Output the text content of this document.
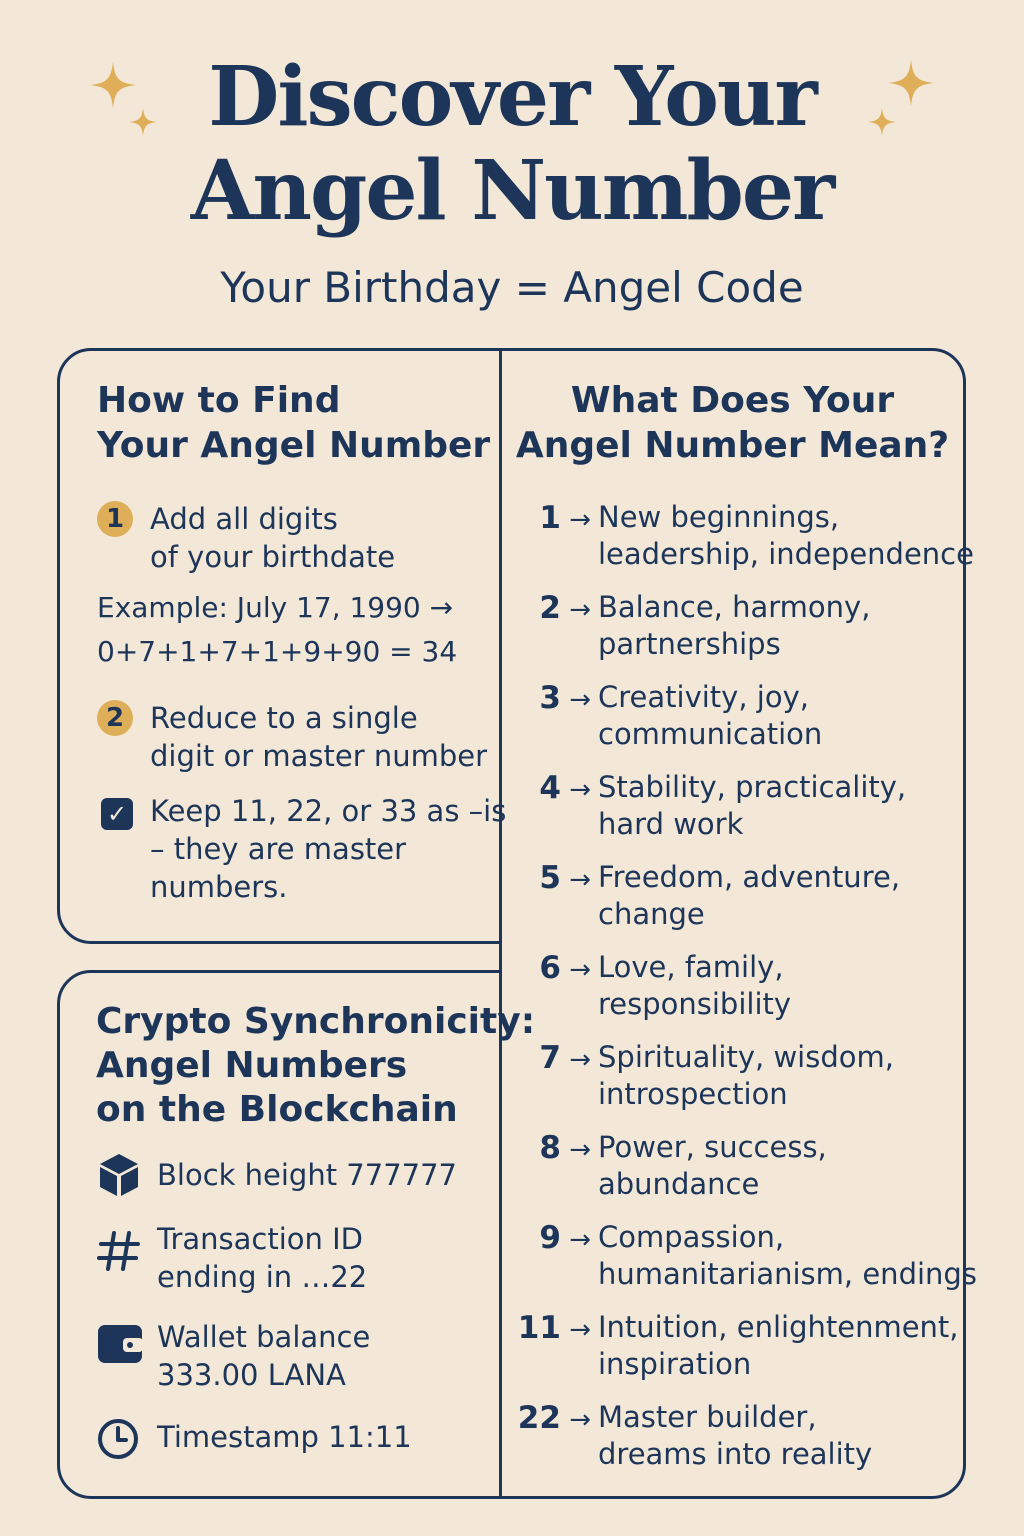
Discover Your
Angel Number
Your Birthday = Angel Code
How to Find
Your Angel Number
1 Add all digits
of your birthdate
Example: July 17, 1990 →
0+7+1+7+1+9+90 = 34
2 Reduce to a single
digit or master number
✓ Keep 11, 22, or 33 as –is
– they are master
numbers.
Crypto Synchronicity:
Angel Numbers
on the Blockchain
Block height 777777
Transaction ID
ending in …22
Wallet balance
333.00 LANA
Timestamp 11:11
What Does Your
Angel Number Mean?
1 → New beginnings,
leadership, independence
2 → Balance, harmony,
partnerships
3 → Creativity, joy,
communication
4 → Stability, practicality,
hard work
5 → Freedom, adventure,
change
6 → Love, family,
responsibility
7 → Spirituality, wisdom,
introspection
8 → Power, success,
abundance
9 → Compassion,
humanitarianism, endings
11 → Intuition, enlightenment,
inspiration
22 → Master builder,
dreams into reality
